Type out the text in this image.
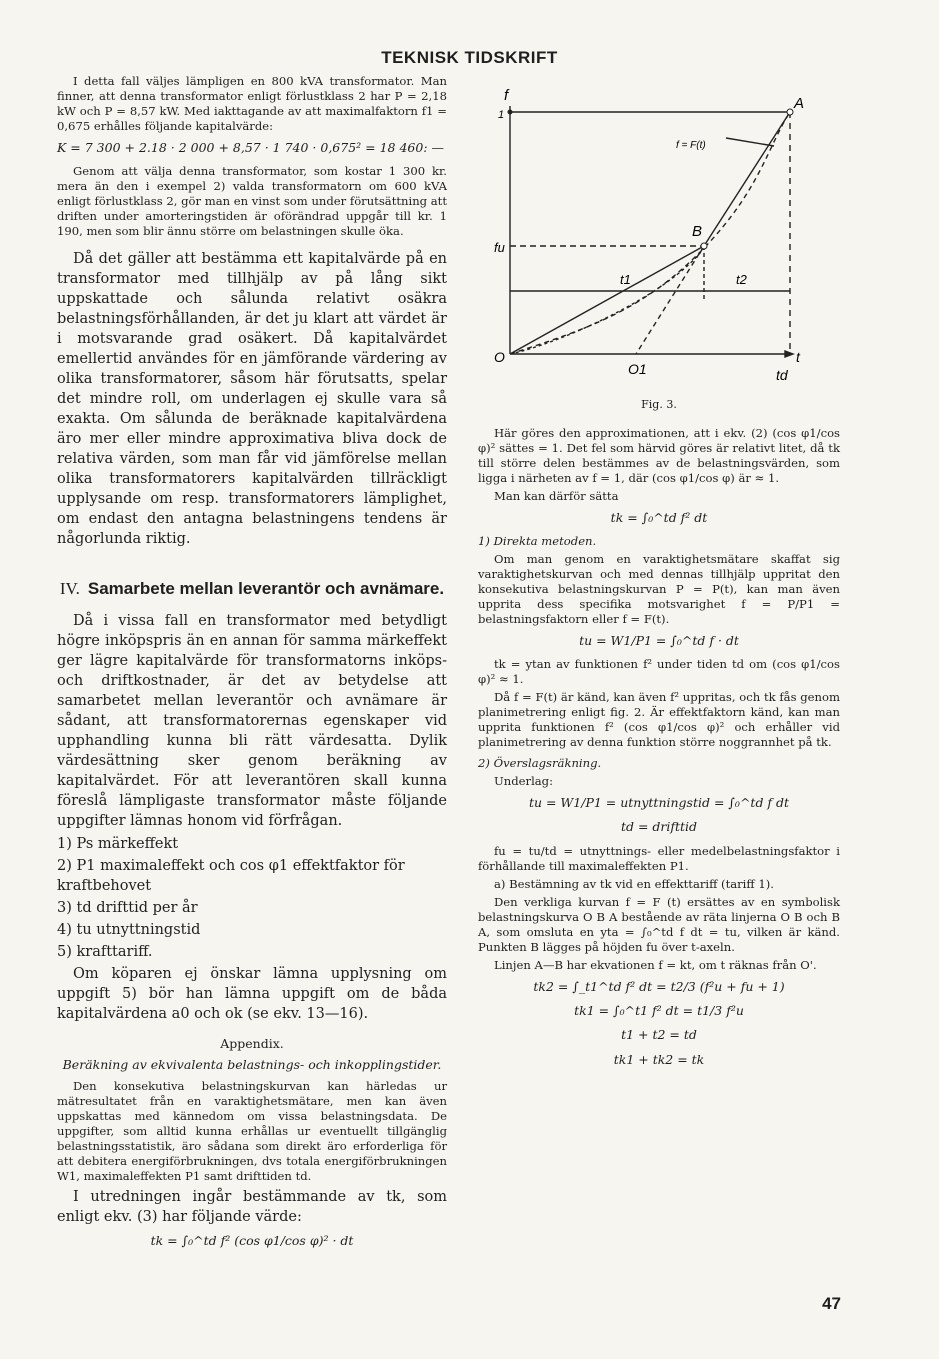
TEKNISK TIDSKRIFT

I detta fall väljes lämpligen en 800 kVA transformator. Man finner, att denna transformator enligt förlustklass 2 har P = 2,18 kW och P = 8,57 kW. Med iakttagande av att maximalfaktorn f1 = 0,675 erhålles följande kapitalvärde:

K = 7 300 + 2.18 · 2 000 + 8,57 · 1 740 · 0,675² = 18 460: —

Genom att välja denna transformator, som kostar 1 300 kr. mera än den i exempel 2) valda transformatorn om 600 kVA enligt förlustklass 2, gör man en vinst som under förutsättning att driften under amorteringstiden är oförändrad uppgår till kr. 1 190, men som blir ännu större om belastningen skulle öka.

Då det gäller att bestämma ett kapitalvärde på en transformator med tillhjälp av på lång sikt uppskattade och sålunda relativt osäkra belastningsförhållanden, är det ju klart att värdet är i motsvarande grad osäkert. Då kapitalvärdet emellertid användes för en jämförande värdering av olika transformatorer, såsom här förutsatts, spelar det mindre roll, om underlagen ej skulle vara så exakta. Om sålunda de beräknade kapitalvärdena äro mer eller mindre approximativa bliva dock de relativa värden, som man får vid jämförelse mellan olika transformatorers kapitalvärden tillräckligt upplysande om resp. transformatorers lämplighet, om endast den antagna belastningens tendens är någorlunda riktig.

IV. Samarbete mellan leverantör och avnämare.

Då i vissa fall en transformator med betydligt högre inköpspris än en annan för samma märkeffekt ger lägre kapitalvärde för transformatorns inköps- och driftkostnader, är det av betydelse att samarbetet mellan leverantör och avnämare är sådant, att transformatorernas egenskaper vid upphandling kunna bli rätt värdesatta. Dylik värdesättning sker genom beräkning av kapitalvärdet. För att leverantören skall kunna föreslå lämpligaste transformator måste följande uppgifter lämnas honom vid förfrågan.

1) Ps märkeffekt
2) P1 maximaleffekt och cos φ1 effektfaktor för kraftbehovet
3) td drifttid per år
4) tu utnyttningstid
5) krafttariff.

Om köparen ej önskar lämna upplysning om uppgift 5) bör han lämna uppgift om de båda kapitalvärdena a0 och ok (se ekv. 13—16).

Appendix.
Beräkning av ekvivalenta belastnings- och inkopplingstider.

Den konsekutiva belastningskurvan kan härledas ur mätresultatet från en varaktighetsmätare, men kan även uppskattas med kännedom om vissa belastningsdata. De uppgifter, som alltid kunna erhållas ur eventuellt tillgänglig belastningsstatistik, äro sådana som direkt äro erforderliga för att debitera energiförbrukningen, dvs totala energiförbrukningen W1, maximaleffekten P1 samt drifttiden td.

I utredningen ingår bestämmande av tk, som enligt ekv. (3) har följande värde:

tk = ∫₀^td f² (cos φ1/cos φ)² · dt
f
1
A
f = F(t)
B
fu
t1	t2
O
O1
t
td
Fig. 3.

Här göres den approximationen, att i ekv. (2) (cos φ1/cos φ)² sättes = 1. Det fel som härvid göres är relativt litet, då tk till större delen bestämmes av de belastningsvärden, som ligga i närheten av f = 1, där (cos φ1/cos φ) är ≈ 1.

Man kan därför sätta

tk = ∫₀^td f² dt

1) Direkta metoden.

Om man genom en varaktighetsmätare skaffat sig varaktighetskurvan och med dennas tillhjälp uppritat den konsekutiva belastningskurvan P = P(t), kan man även uppritа dess specifika motsvarighet f = P/P1 = belastningsfaktorn eller f = F(t).

tu = W1/P1 = ∫₀^td f · dt

tk = ytan av funktionen f² under tiden td om (cos φ1/cos φ)² ≈ 1.

Då f = F(t) är känd, kan även f² uppritas, och tk fås genom planimetrering enligt fig. 2. Är effektfaktorn känd, kan man uppritа funktionen f² (cos φ1/cos φ)² och erhåller vid planimetrering av denna funktion större noggrannhet på tk.

2) Överslagsräkning.

Underlag:

tu = W1/P1 = utnyttningstid = ∫₀^td f dt
td = drifttid

fu = tu/td = utnyttnings- eller medelbelastningsfaktor i förhållande till maximaleffekten P1.

a) Bestämning av tk vid en effekttariff (tariff 1).

Den verkliga kurvan f = F (t) ersättes av en symbolisk belastningskurva O B A bestående av räta linjerna O B och B A, som omsluta en yta = ∫₀^td f dt = tu, vilken är känd. Punkten B lägges på höjden fu över t-axeln.

Linjen A—B har ekvationen f = kt, om t räknas från O'.

tk2 = ∫_t1^td f² dt = t2/3 (f²u + fu + 1)
tk1 = ∫₀^t1 f² dt = t1/3 f²u
t1 + t2 = td
tk1 + tk2 = tk
47
